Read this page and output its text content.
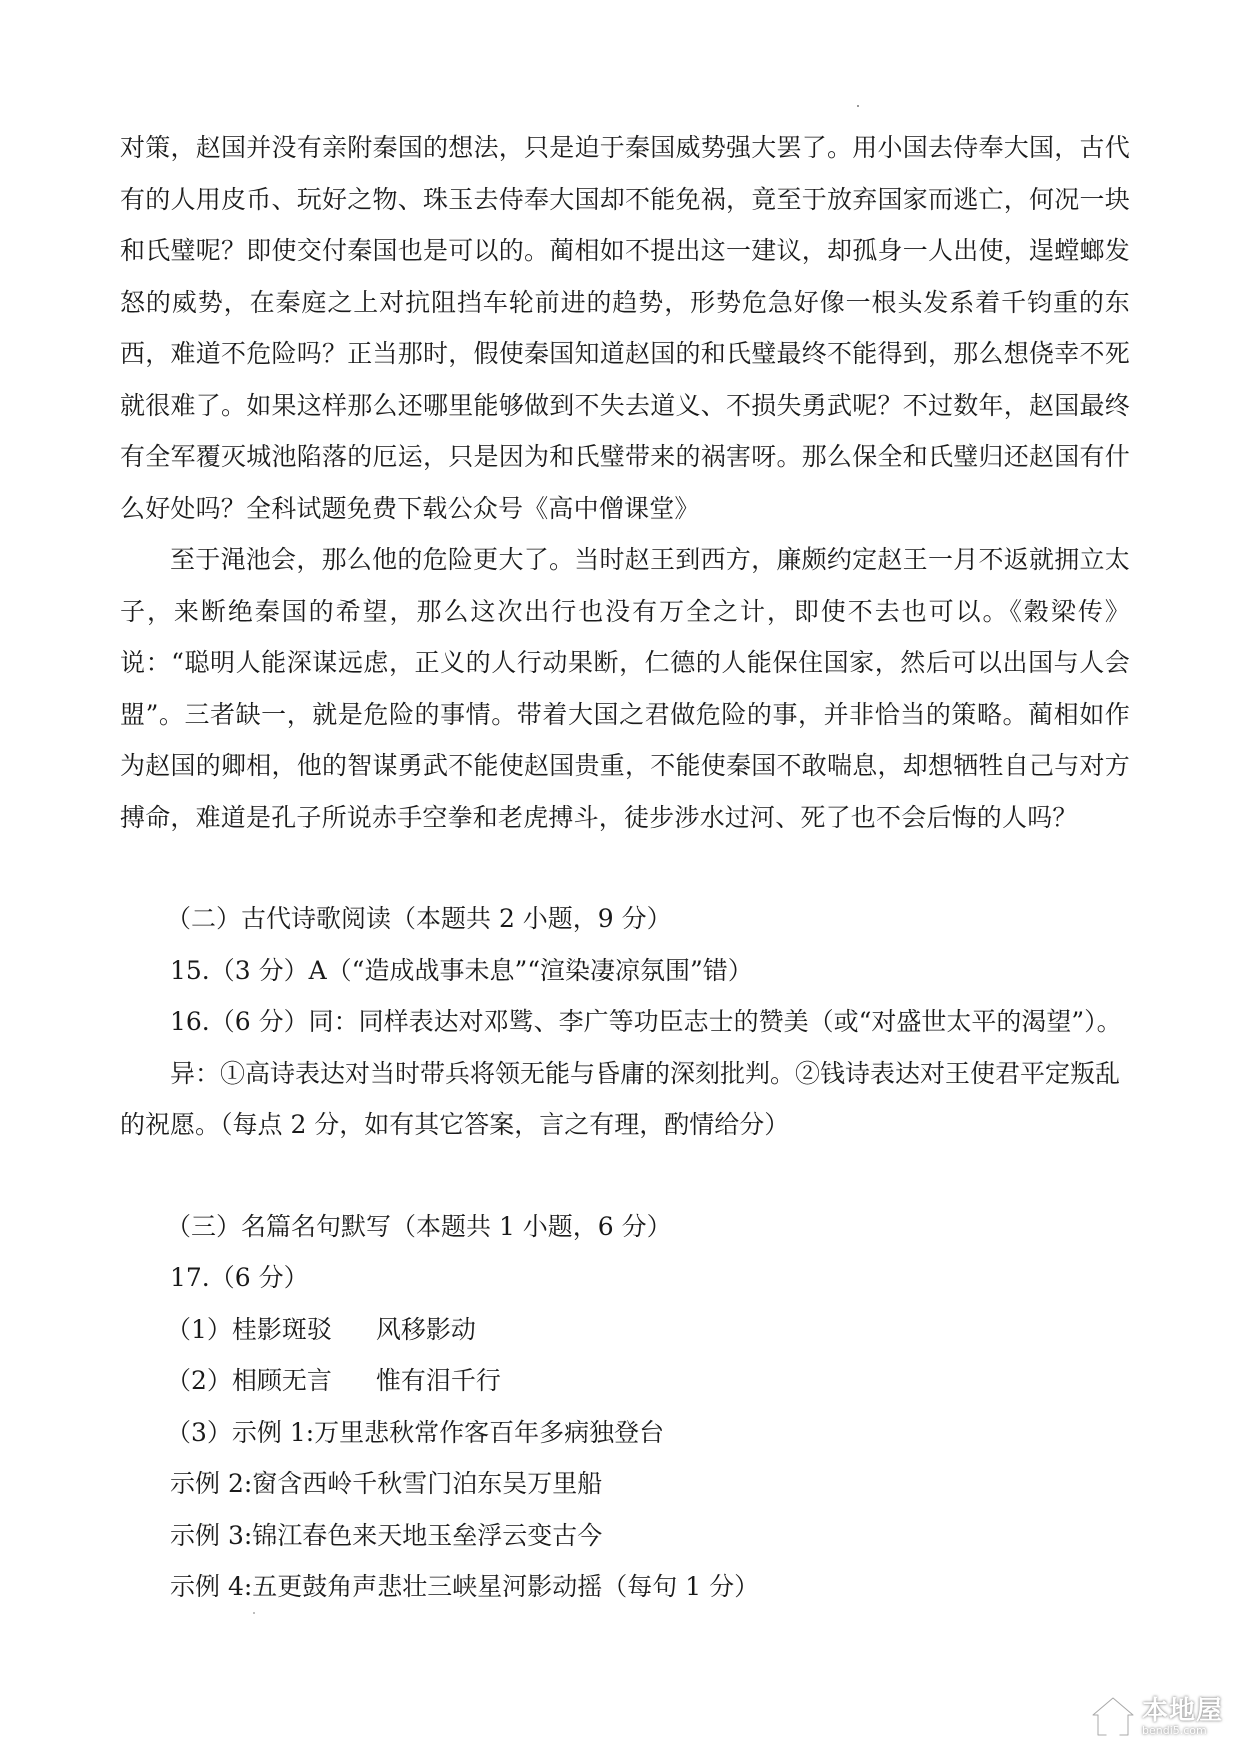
对策，赵国并没有亲附秦国的想法，只是迫于秦国威势强大罢了。用小国去侍奉大国，古代有的人用皮币、玩好之物、珠玉去侍奉大国却不能免祸，竟至于放弃国家而逃亡，何况一块和氏璧呢？即使交付秦国也是可以的。蔺相如不提出这一建议，却孤身一人出使，逞螳螂发怒的威势，在秦庭之上对抗阻挡车轮前进的趋势，形势危急好像一根头发系着千钧重的东西，难道不危险吗？正当那时，假使秦国知道赵国的和氏璧最终不能得到，那么想侥幸不死就很难了。如果这样那么还哪里能够做到不失去道义、不损失勇武呢？不过数年，赵国最终有全军覆灭城池陷落的厄运，只是因为和氏璧带来的祸害呀。那么保全和氏璧归还赵国有什么好处吗？全科试题免费下载公众号《高中僧课堂》

至于渑池会，那么他的危险更大了。当时赵王到西方，廉颇约定赵王一月不返就拥立太子，来断绝秦国的希望，那么这次出行也没有万全之计，即使不去也可以。《穀梁传》说：“聪明人能深谋远虑，正义的人行动果断，仁德的人能保住国家，然后可以出国与人会盟”。三者缺一，就是危险的事情。带着大国之君做危险的事，并非恰当的策略。蔺相如作为赵国的卿相，他的智谋勇武不能使赵国贵重，不能使秦国不敢喘息，却想牺牲自己与对方搏命，难道是孔子所说赤手空拳和老虎搏斗，徒步涉水过河、死了也不会后悔的人吗？

（二）古代诗歌阅读（本题共 2 小题，9 分）

15.（3 分）A（“造成战事未息”“渲染凄凉氛围”错）

16.（6 分）同：同样表达对邓骘、李广等功臣志士的赞美（或“对盛世太平的渴望”）。

异：①高诗表达对当时带兵将领无能与昏庸的深刻批判。②钱诗表达对王使君平定叛乱

的祝愿。（每点 2 分，如有其它答案，言之有理，酌情给分）

（三）名篇名句默写（本题共 1 小题，6 分）

17.（6 分）

（1）桂影斑驳 风移影动

（2）相顾无言 惟有泪千行

（3）示例 1:万里悲秋常作客百年多病独登台

示例 2:窗含西岭千秋雪门泊东吴万里船

示例 3:锦江春色来天地玉垒浮云变古今

示例 4:五更鼓角声悲壮三峡星河影动摇（每句 1 分）

本地屋
bendi5.com
